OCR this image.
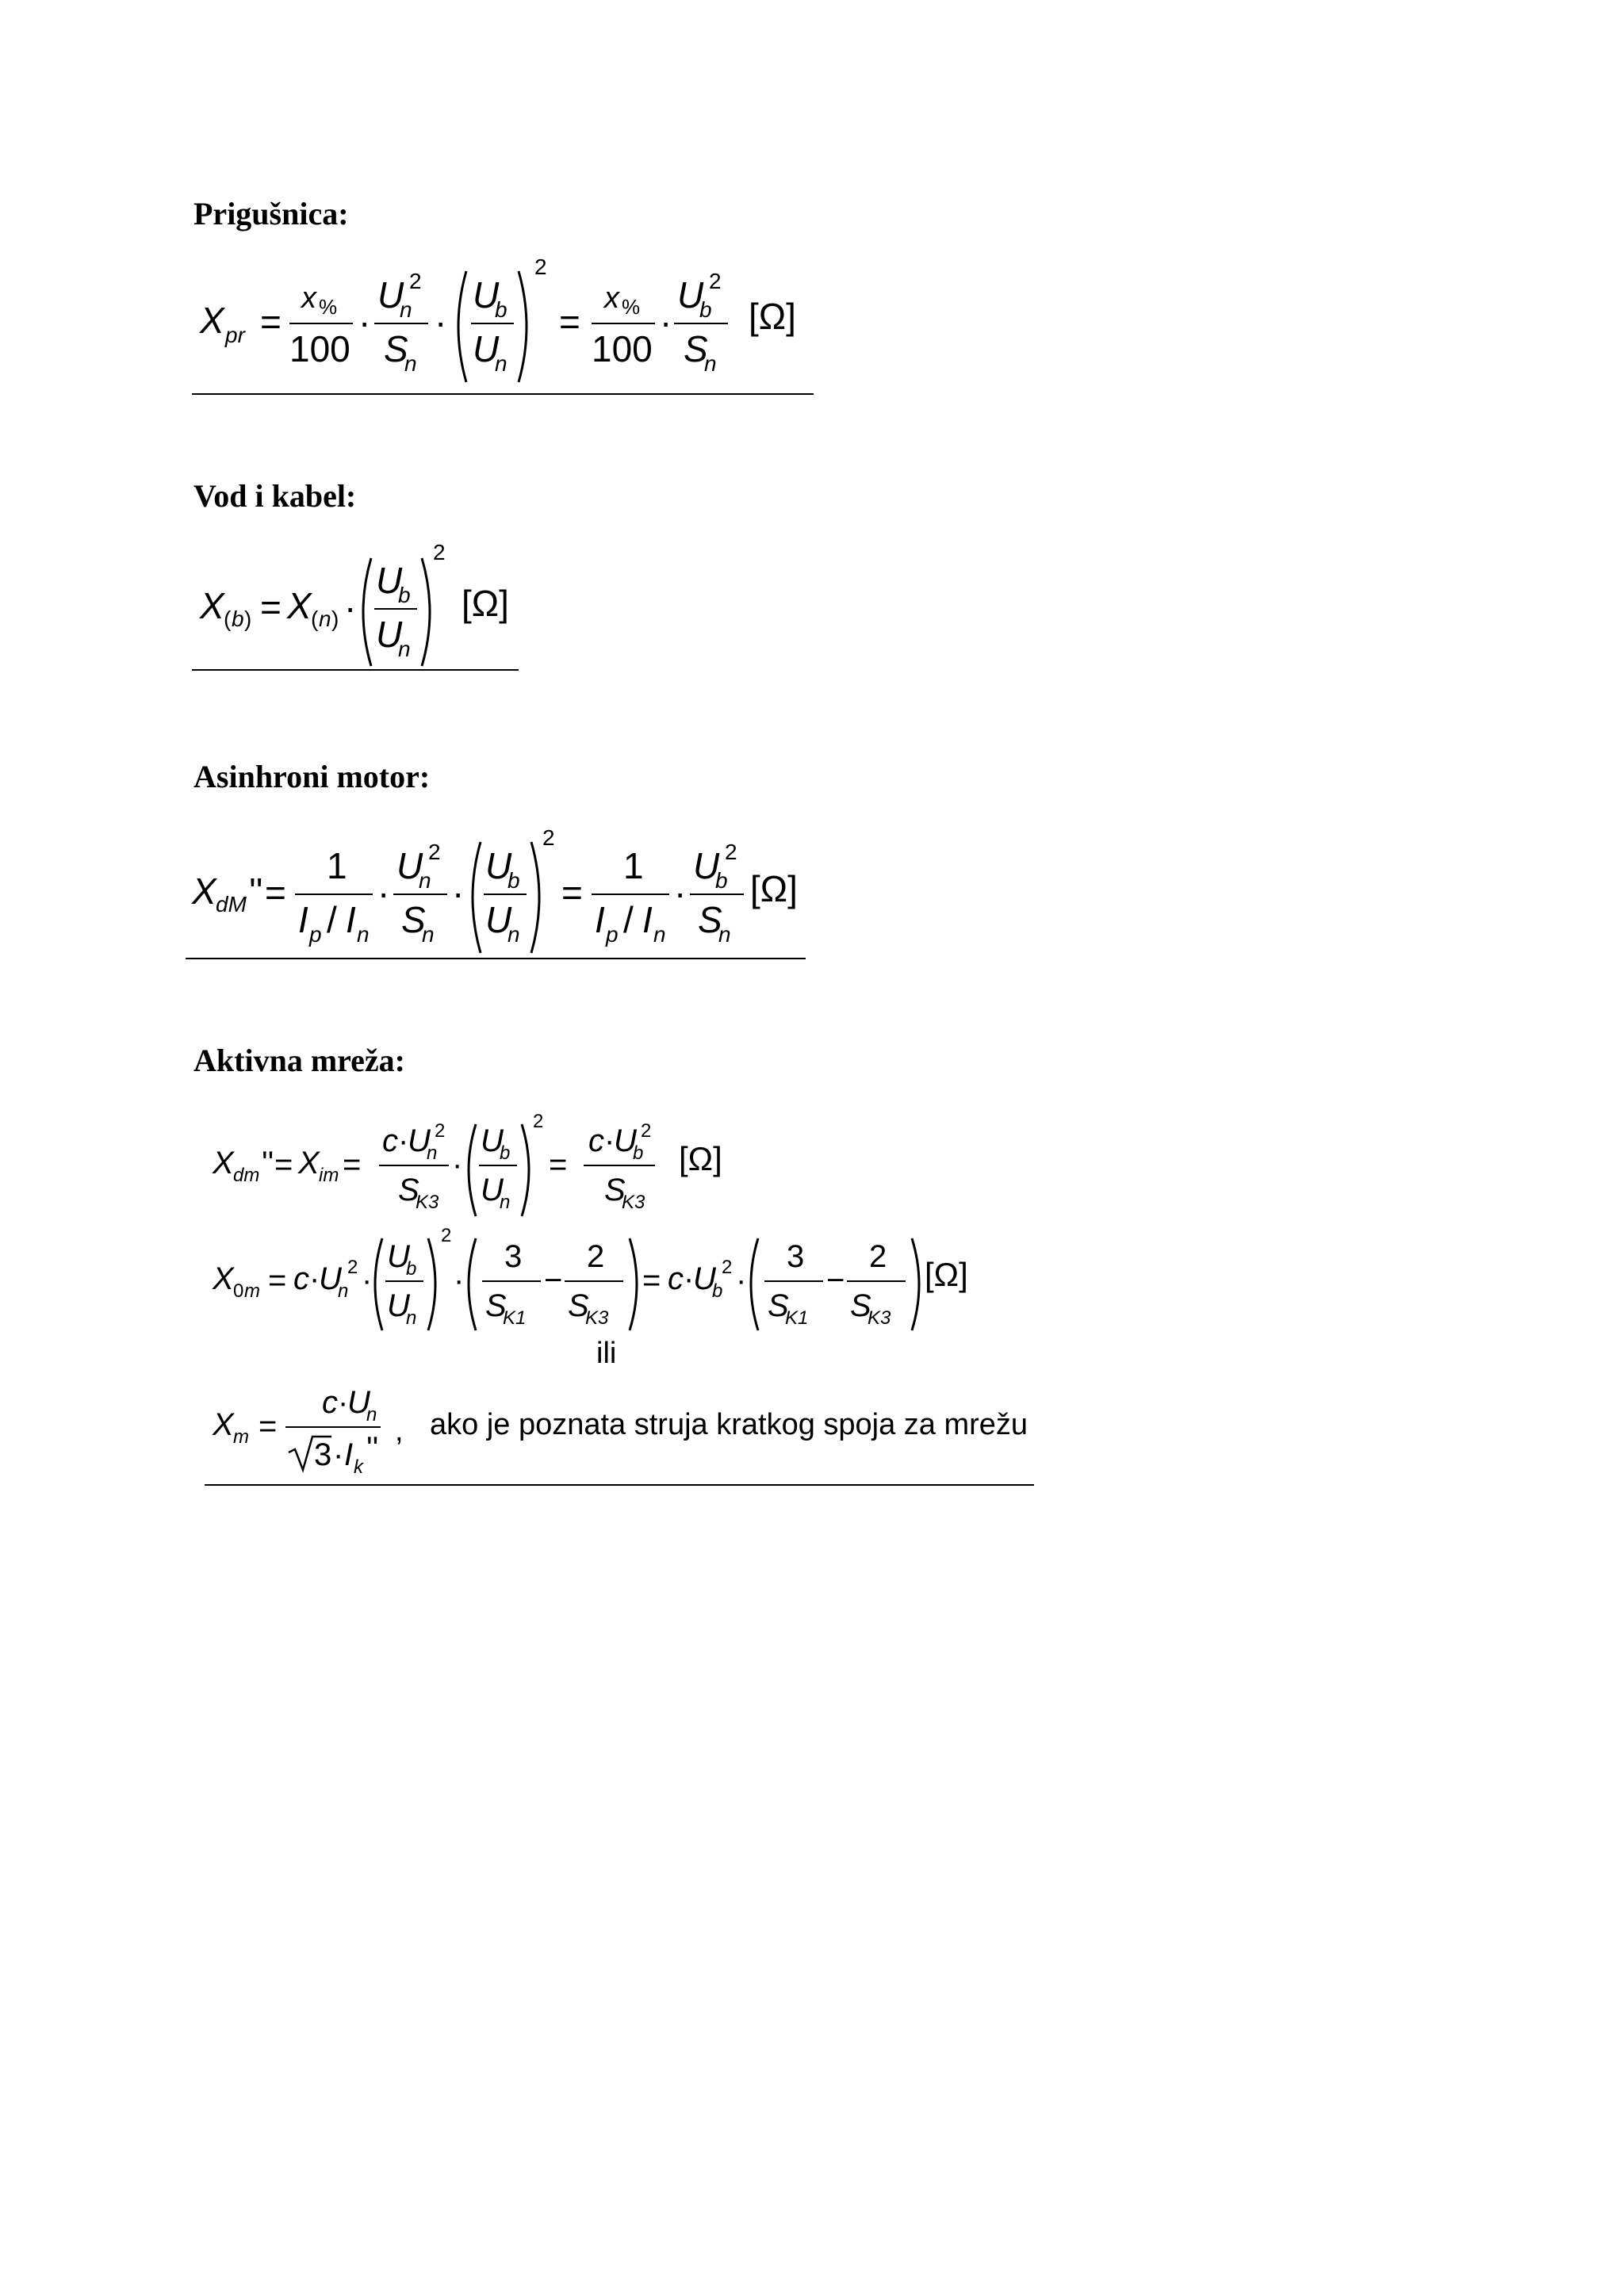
Prigušnica:
X pr =
x %
100
·
U
n
2
S
n
·
U
b
U
n
2
=
x %
100
·
U
b
2
S
n
[Ω]
Vod i kabel:
X ( b ) = X ( n ) ·
U
b
U
n
2
[Ω]
Asinhroni motor:
X dM '' =
1
I p / I n
·
U
n
2
S
n
·
U
b
U
n
2
=
1
I p / I n
·
U
b
2
S
n
[Ω]
Aktivna mreža:
X dm '' = X im =
c ·
U
n
2
S
K3
·
U
b
U
n
2
=
c ·
U
b
2
S
K3
[Ω]
X 0 m = c ·
U
n
2 ·
U
b
U
n
2
·
3
S
K1
−
2
S
K3
= c ·
U
b
2 ·
3
S
K1
−
2
S
K3
[Ω]
ili
X m =
c ·
U
n
3 · I k
'' , ako je poznata struja kratkog spoja za mrežu
